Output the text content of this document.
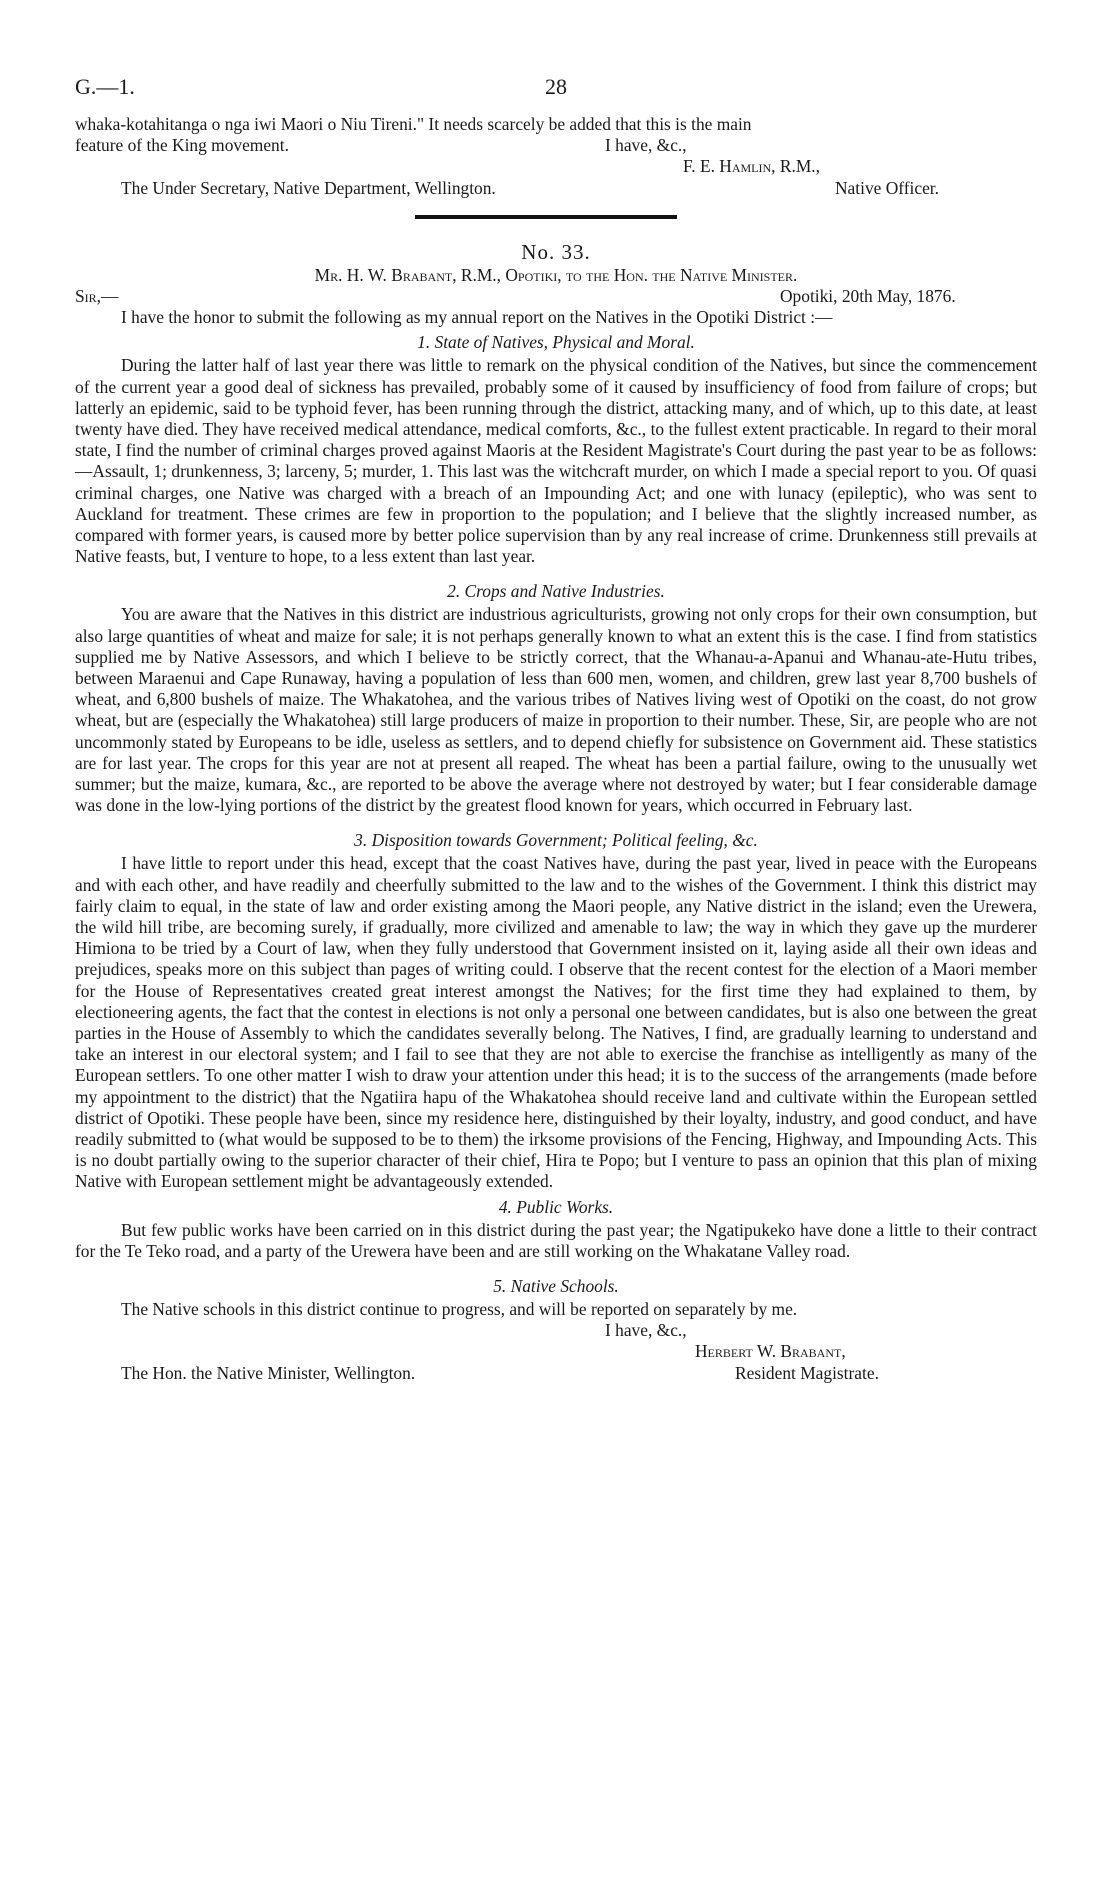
G.—1.	28

whaka-kotahitanga o nga iwi Maori o Niu Tireni." It needs scarcely be added that this is the main

feature of the King movement.	I have, &c.,
F. E. Hamlin, R.M.,
The Under Secretary, Native Department, Wellington.	Native Officer.
No. 33.
Mr. H. W. Brabant, R.M., Opotiki, to the Hon. the Native Minister.
Sir,—	Opotiki, 20th May, 1876.

I have the honor to submit the following as my annual report on the Natives in the Opotiki District :—

1. State of Natives, Physical and Moral.

During the latter half of last year there was little to remark on the physical condition of the Natives, but since the commencement of the current year a good deal of sickness has prevailed, probably some of it caused by insufficiency of food from failure of crops; but latterly an epidemic, said to be typhoid fever, has been running through the district, attacking many, and of which, up to this date, at least twenty have died. They have received medical attendance, medical comforts, &c., to the fullest extent practicable. In regard to their moral state, I find the number of criminal charges proved against Maoris at the Resident Magistrate's Court during the past year to be as follows:—Assault, 1; drunkenness, 3; larceny, 5; murder, 1. This last was the witchcraft murder, on which I made a special report to you. Of quasi criminal charges, one Native was charged with a breach of an Impounding Act; and one with lunacy (epileptic), who was sent to Auckland for treatment. These crimes are few in proportion to the population; and I believe that the slightly increased number, as compared with former years, is caused more by better police supervision than by any real increase of crime. Drunkenness still prevails at Native feasts, but, I venture to hope, to a less extent than last year.

2. Crops and Native Industries.

You are aware that the Natives in this district are industrious agriculturists, growing not only crops for their own consumption, but also large quantities of wheat and maize for sale; it is not perhaps generally known to what an extent this is the case. I find from statistics supplied me by Native Assessors, and which I believe to be strictly correct, that the Whanau-a-Apanui and Whanau-ate-Hutu tribes, between Maraenui and Cape Runaway, having a population of less than 600 men, women, and children, grew last year 8,700 bushels of wheat, and 6,800 bushels of maize. The Whakatohea, and the various tribes of Natives living west of Opotiki on the coast, do not grow wheat, but are (especially the Whakatohea) still large producers of maize in proportion to their number. These, Sir, are people who are not uncommonly stated by Europeans to be idle, useless as settlers, and to depend chiefly for subsistence on Government aid. These statistics are for last year. The crops for this year are not at present all reaped. The wheat has been a partial failure, owing to the unusually wet summer; but the maize, kumara, &c., are reported to be above the average where not destroyed by water; but I fear considerable damage was done in the low-lying portions of the district by the greatest flood known for years, which occurred in February last.

3. Disposition towards Government; Political feeling, &c.

I have little to report under this head, except that the coast Natives have, during the past year, lived in peace with the Europeans and with each other, and have readily and cheerfully submitted to the law and to the wishes of the Government. I think this district may fairly claim to equal, in the state of law and order existing among the Maori people, any Native district in the island; even the Urewera, the wild hill tribe, are becoming surely, if gradually, more civilized and amenable to law; the way in which they gave up the murderer Himiona to be tried by a Court of law, when they fully understood that Government insisted on it, laying aside all their own ideas and prejudices, speaks more on this subject than pages of writing could. I observe that the recent contest for the election of a Maori member for the House of Representatives created great interest amongst the Natives; for the first time they had explained to them, by electioneering agents, the fact that the contest in elections is not only a personal one between candidates, but is also one between the great parties in the House of Assembly to which the candidates severally belong. The Natives, I find, are gradually learning to understand and take an interest in our electoral system; and I fail to see that they are not able to exercise the franchise as intelligently as many of the European settlers. To one other matter I wish to draw your attention under this head; it is to the success of the arrangements (made before my appointment to the district) that the Ngatiira hapu of the Whakatohea should receive land and cultivate within the European settled district of Opotiki. These people have been, since my residence here, distinguished by their loyalty, industry, and good conduct, and have readily submitted to (what would be supposed to be to them) the irksome provisions of the Fencing, Highway, and Impounding Acts. This is no doubt partially owing to the superior character of their chief, Hira te Popo; but I venture to pass an opinion that this plan of mixing Native with European settlement might be advantageously extended.

4. Public Works.

But few public works have been carried on in this district during the past year; the Ngatipukeko have done a little to their contract for the Te Teko road, and a party of the Urewera have been and are still working on the Whakatane Valley road.

5. Native Schools.

The Native schools in this district continue to progress, and will be reported on separately by me.

I have, &c.,
Herbert W. Brabant,
The Hon. the Native Minister, Wellington.	Resident Magistrate.
